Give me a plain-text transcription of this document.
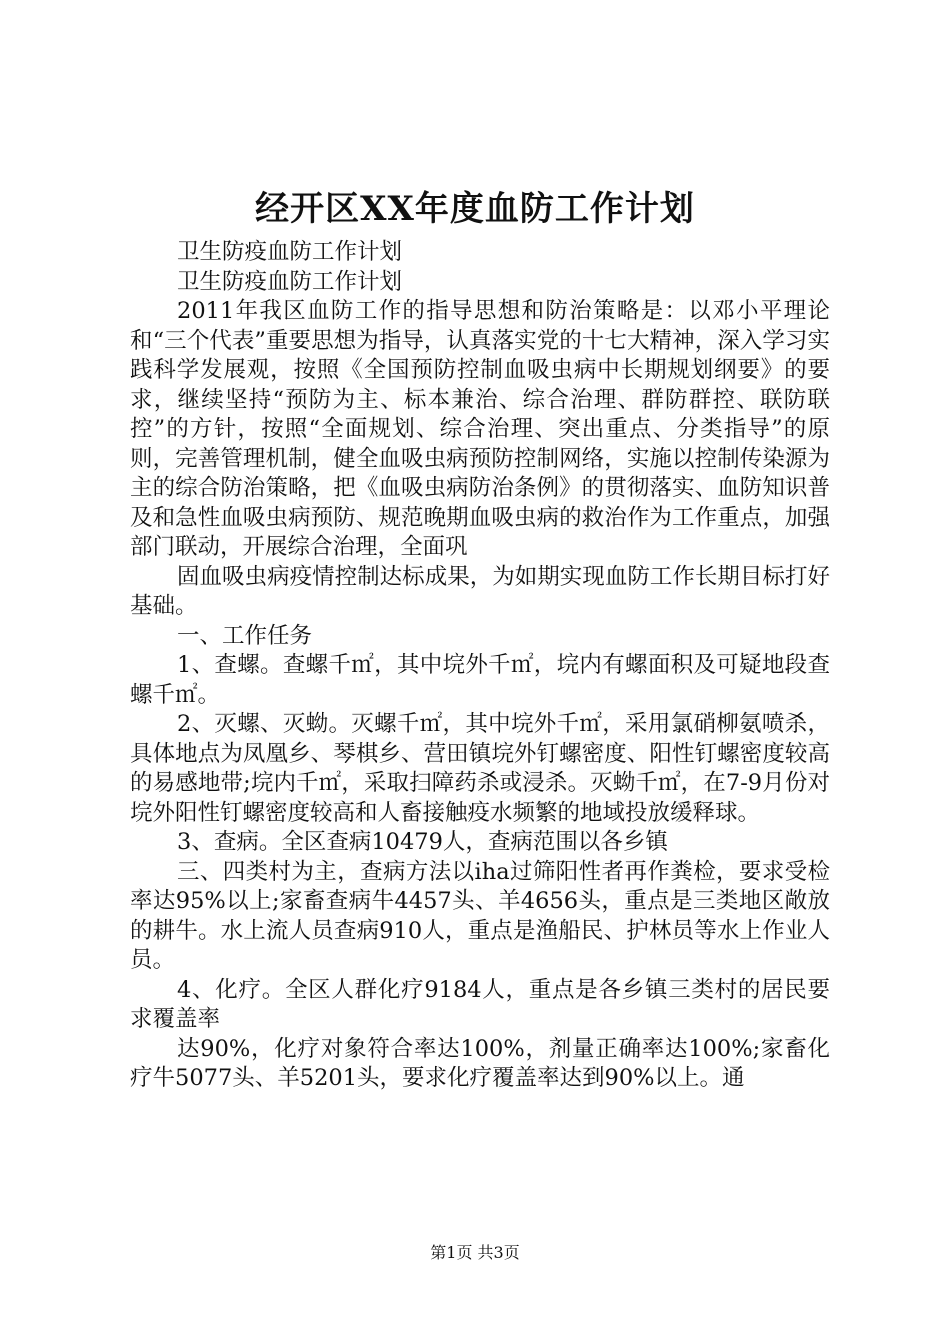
经开区XX年度血防工作计划

卫生防疫血防工作计划

卫生防疫血防工作计划

2011年我区血防工作的指导思想和防治策略是：以邓小平理论和“三个代表”重要思想为指导，认真落实党的十七大精神，深入学习实践科学发展观，按照《全国预防控制血吸虫病中长期规划纲要》的要求，继续坚持“预防为主、标本兼治、综合治理、群防群控、联防联控”的方针，按照“全面规划、综合治理、突出重点、分类指导”的原则，完善管理机制，健全血吸虫病预防控制网络，实施以控制传染源为主的综合防治策略，把《血吸虫病防治条例》的贯彻落实、血防知识普及和急性血吸虫病预防、规范晚期血吸虫病的救治作为工作重点，加强部门联动，开展综合治理，全面巩

固血吸虫病疫情控制达标成果，为如期实现血防工作长期目标打好基础。

一、工作任务

1、查螺。查螺千㎡，其中垸外千㎡，垸内有螺面积及可疑地段查螺千㎡。

2、灭螺、灭蚴。灭螺千㎡，其中垸外千㎡，采用氯硝柳氨喷杀，具体地点为凤凰乡、琴棋乡、营田镇垸外钉螺密度、阳性钉螺密度较高的易感地带;垸内千㎡，采取扫障药杀或浸杀。灭蚴千㎡，在7-9月份对垸外阳性钉螺密度较高和人畜接触疫水频繁的地域投放缓释球。

3、查病。全区查病10479人，查病范围以各乡镇

三、四类村为主，查病方法以iha过筛阳性者再作粪检，要求受检率达95%以上;家畜查病牛4457头、羊4656头，重点是三类地区敞放的耕牛。水上流人员查病910人，重点是渔船民、护林员等水上作业人员。

4、化疗。全区人群化疗9184人，重点是各乡镇三类村的居民要求覆盖率

达90%，化疗对象符合率达100%，剂量正确率达100%;家畜化疗牛5077头、羊5201头，要求化疗覆盖率达到90%以上。通

第1页 共3页
